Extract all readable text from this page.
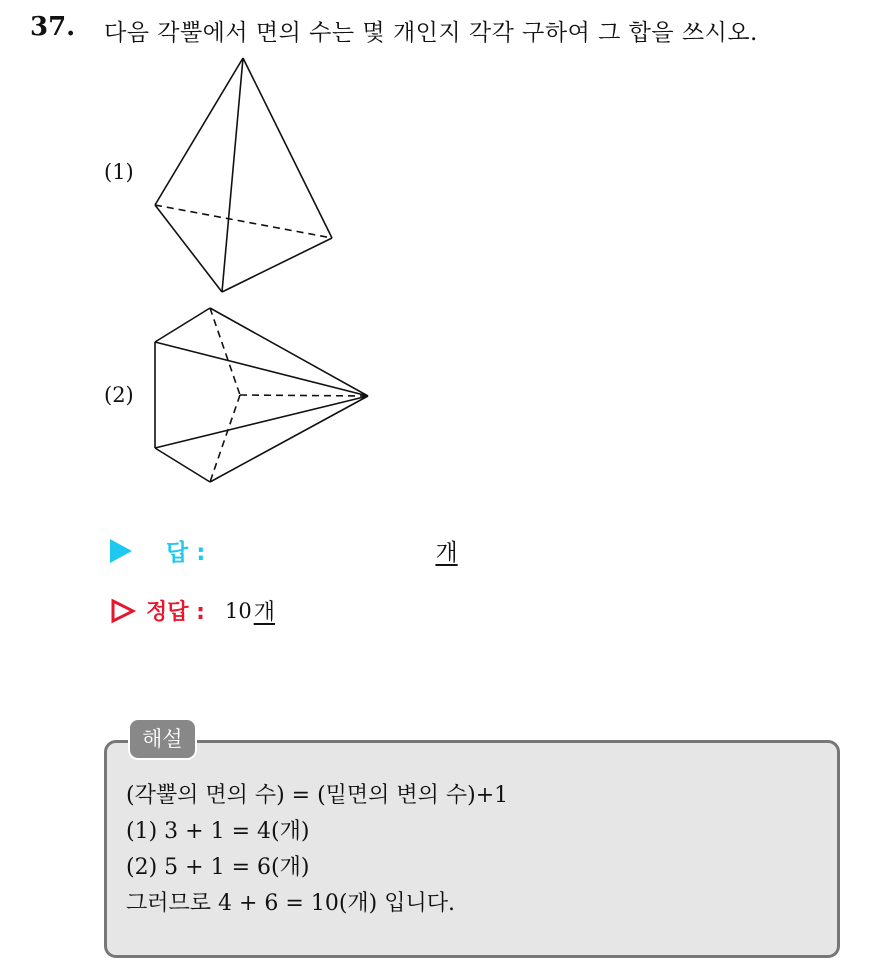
37. 다음 각뿔에서 면의 수는 몇 개인지 각각 구하여 그 합을 쓰시오.
(1)
(2)
답 :	개
정답 : 10 개
해설
(각뿔의 면의 수) = (밑면의 변의 수)+1
(1) 3 + 1 = 4(개)
(2) 5 + 1 = 6(개)
그러므로 4 + 6 = 10(개) 입니다.
